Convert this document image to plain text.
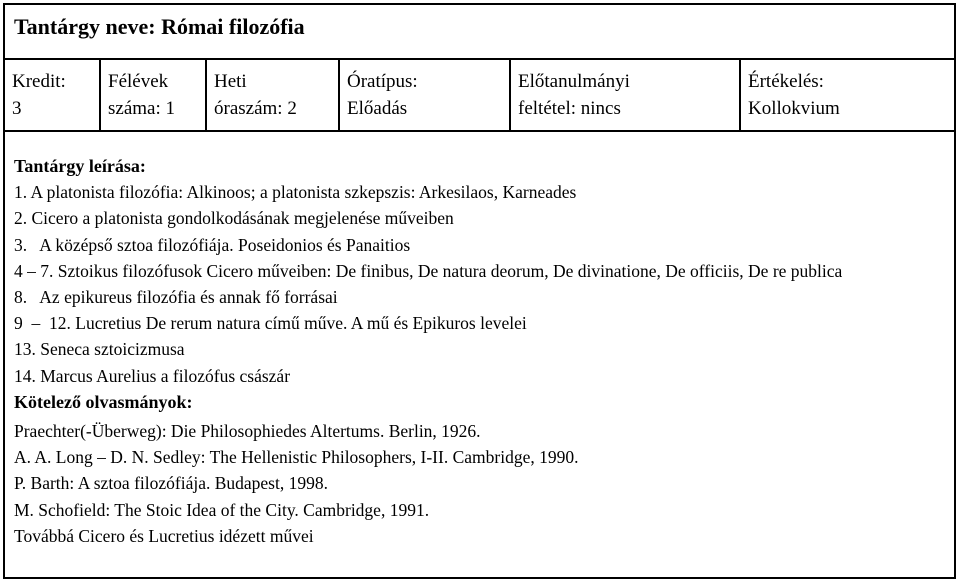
Tantárgy neve: Római filozófia
Kredit:
3
Félévek
száma: 1
Heti
óraszám: 2
Óratípus:
Előadás
Előtanulmányi
feltétel: nincs
Értékelés:
Kollokvium
Tantárgy leírása:
1. A platonista filozófia: Alkinoos; a platonista szkepszis: Arkesilaos, Karneades
2. Cicero a platonista gondolkodásának megjelenése műveiben
3.   A középső sztoa filozófiája. Poseidonios és Panaitios
4 – 7. Sztoikus filozófusok Cicero műveiben: De finibus, De natura deorum, De divinatione, De officiis, De re publica
8.   Az epikureus filozófia és annak fő forrásai
9  –  12. Lucretius De rerum natura című műve. A mű és Epikuros levelei
13. Seneca sztoicizmusa
14. Marcus Aurelius a filozófus császár
Kötelező olvasmányok:
Praechter(-Überweg): Die Philosophiedes Altertums. Berlin, 1926.
A. A. Long – D. N. Sedley: The Hellenistic Philosophers, I-II. Cambridge, 1990.
P. Barth: A sztoa filozófiája. Budapest, 1998.
M. Schofield: The Stoic Idea of the City. Cambridge, 1991.
Továbbá Cicero és Lucretius idézett művei
